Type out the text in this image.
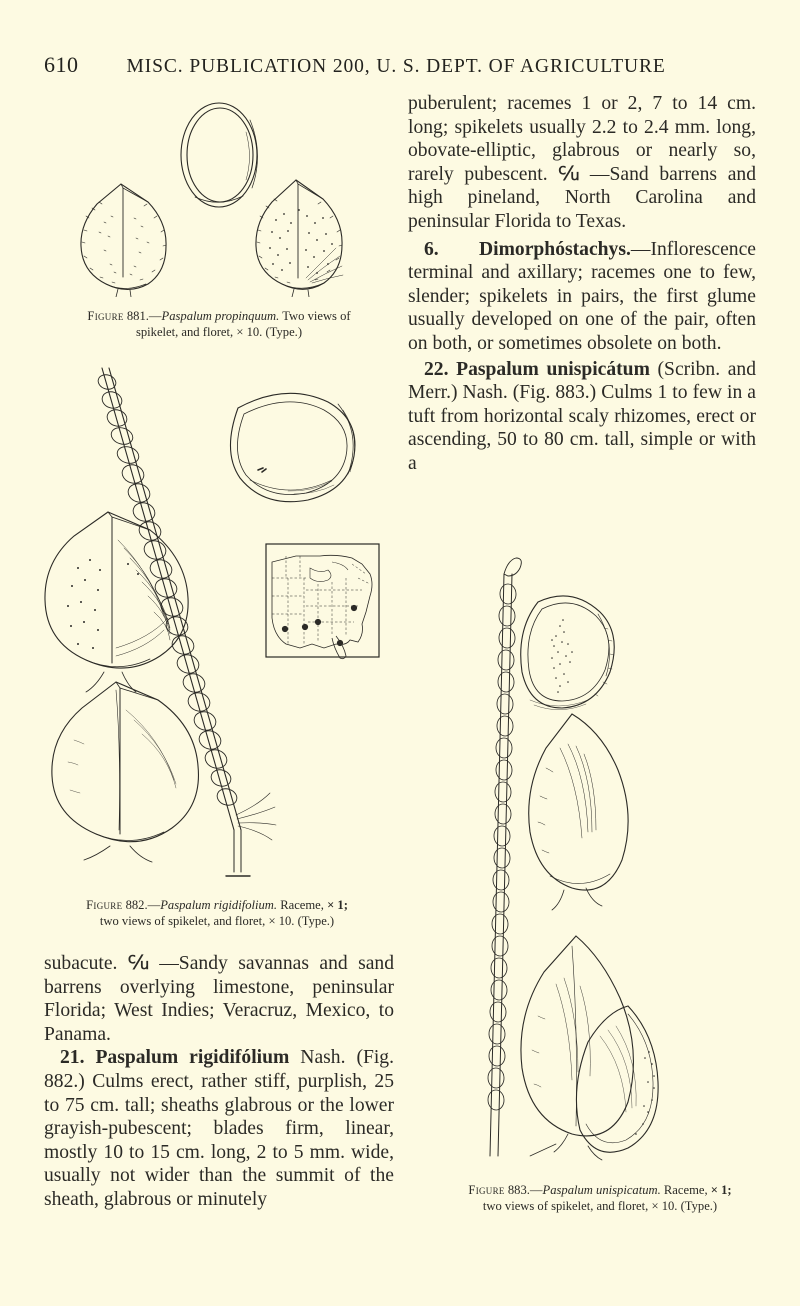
610 MISC. PUBLICATION 200, U. S. DEPT. OF AGRICULTURE
Figure 881.—Paspalum propinquum. Two views of
spikelet, and floret, × 10. (Type.)
Figure 882.—Paspalum rigidifolium. Raceme, × 1;
two views of spikelet, and floret, × 10. (Type.)
Figure 883.—Paspalum unispicatum. Raceme, × 1;
two views of spikelet, and floret, × 10. (Type.)

subacute. ℆ —Sandy savannas and sand barrens overlying limestone, peninsular Florida; West Indies; Veracruz, Mexico, to Panama.

21. Paspalum rigidifólium Nash. (Fig. 882.) Culms erect, rather stiff, purplish, 25 to 75 cm. tall; sheaths glabrous or the lower grayish-pubescent; blades firm, linear, mostly 10 to 15 cm. long, 2 to 5 mm. wide, usually not wider than the summit of the sheath, glabrous or minutely

puberulent; racemes 1 or 2, 7 to 14 cm. long; spikelets usually 2.2 to 2.4 mm. long, obovate-elliptic, glabrous or nearly so, rarely pubescent. ℆ —Sand barrens and high pineland, North Carolina and peninsular Florida to Texas.

6. Dimorphóstachys.—Inflorescence terminal and axillary; racemes one to few, slender; spikelets in pairs, the first glume usually developed on one of the pair, often on both, or sometimes obsolete on both.

22. Paspalum unispicátum (Scribn. and Merr.) Nash. (Fig. 883.) Culms 1 to few in a tuft from horizontal scaly rhizomes, erect or ascending, 50 to 80 cm. tall, simple or with a
